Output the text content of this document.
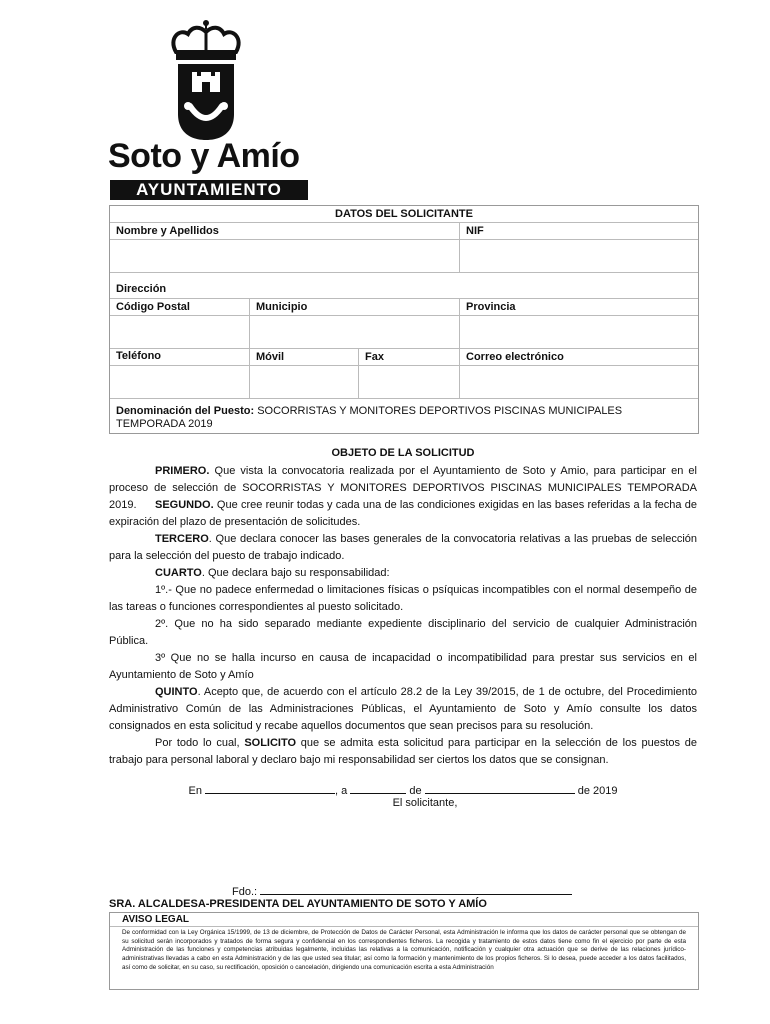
Soto y Amío
AYUNTAMIENTO
DATOS DEL SOLICITANTE
Nombre y Apellidos	NIF
Dirección
Código Postal	Municipio	Provincia
Teléfono	Móvil	Fax	Correo electrónico
Denominación del Puesto: SOCORRISTAS Y MONITORES DEPORTIVOS PISCINAS MUNICIPALES TEMPORADA 2019
OBJETO DE LA SOLICITUD
PRIMERO. Que vista la convocatoria realizada por el Ayuntamiento de Soto y Amio, para participar en el proceso de selección de SOCORRISTAS Y MONITORES DEPORTIVOS PISCINAS MUNICIPALES TEMPORADA 2019.	SEGUNDO. Que cree reunir todas y cada una de las condiciones exigidas en las bases referidas a la fecha de expiración del plazo de presentación de solicitudes.
TERCERO. Que declara conocer las bases generales de la convocatoria relativas a las pruebas de selección para la selección del puesto de trabajo indicado.
CUARTO. Que declara bajo su responsabilidad:
1º.- Que no padece enfermedad o limitaciones físicas o psíquicas incompatibles con el normal desempeño de las tareas o funciones correspondientes al puesto solicitado.
2º. Que no ha sido separado mediante expediente disciplinario del servicio de cualquier Administración Pública.
3º Que no se halla incurso en causa de incapacidad o incompatibilidad para prestar sus servicios en el Ayuntamiento de Soto y Amío
QUINTO. Acepto que, de acuerdo con el artículo 28.2 de la Ley 39/2015, de 1 de octubre, del Procedimiento Administrativo Común de las Administraciones Públicas, el Ayuntamiento de Soto y Amío consulte los datos consignados en esta solicitud y recabe aquellos documentos que sean precisos para su resolución.
Por todo lo cual, SOLICITO que se admita esta solicitud para participar en la selección de los puestos de trabajo para personal laboral y declaro bajo mi responsabilidad ser ciertos los datos que se consignan.
En	, a	de	de 2019
El solicitante,
Fdo.:
SRA. ALCALDESA-PRESIDENTA DEL AYUNTAMIENTO DE SOTO Y AMÍO
AVISO LEGAL
De conformidad con la Ley Orgánica 15/1999, de 13 de diciembre, de Protección de Datos de Carácter Personal, esta Administración le informa que los datos de carácter personal que se obtengan de su solicitud serán incorporados y tratados de forma segura y confidencial en los correspondientes ficheros. La recogida y tratamiento de estos datos tiene como fin el ejercicio por parte de esta Administración de las funciones y competencias atribuidas legalmente, incluidas las relativas a la comunicación, notificación y cualquier otra actuación que se derive de las relaciones jurídico-administrativas llevadas a cabo en esta Administración y de las que usted sea titular; así como la formación y mantenimiento de los propios ficheros. Si lo desea, puede acceder a los datos facilitados, así como de solicitar, en su caso, su rectificación, oposición o cancelación, dirigiendo una comunicación escrita a esta Administración
